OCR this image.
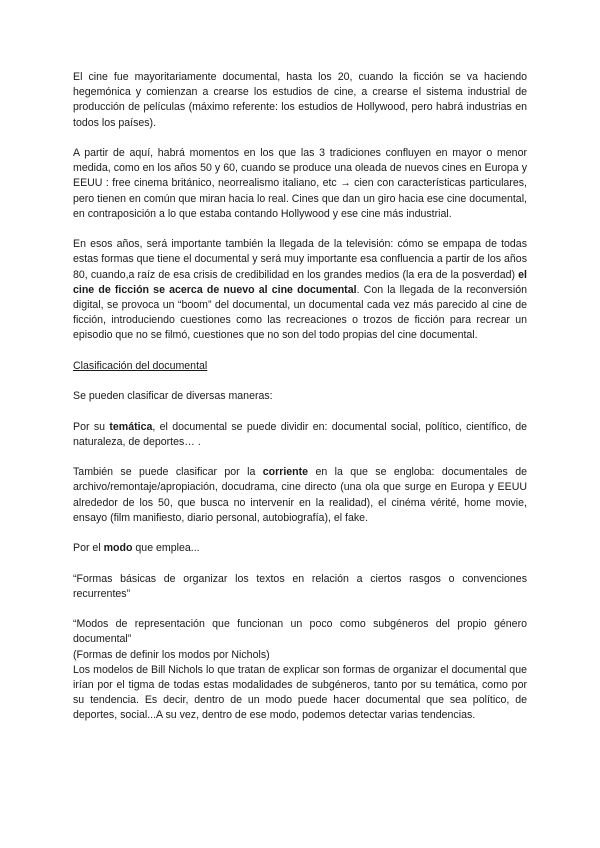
El cine fue mayoritariamente documental, hasta los 20, cuando la ficción se va haciendo hegemónica y comienzan a crearse los estudios de cine, a crearse el sistema industrial de producción de películas (máximo referente: los estudios de Hollywood, pero habrá industrias en todos los países).

A partir de aquí, habrá momentos en los que las 3 tradiciones confluyen en mayor o menor medida, como en los años 50 y 60, cuando se produce una oleada de nuevos cines en Europa y EEUU : free cinema británico, neorrealismo italiano, etc → cien con características particulares, pero tienen en común que miran hacia lo real. Cines que dan un giro hacia ese cine documental, en contraposición a lo que estaba contando Hollywood y ese cine más industrial.

En esos años, será importante también la llegada de la televisión: cómo se empapa de todas estas formas que tiene el documental y será muy importante esa confluencia a partir de los años 80, cuando,a raíz de esa crisis de credibilidad en los grandes medios (la era de la posverdad) el cine de ficción se acerca de nuevo al cine documental. Con la llegada de la reconversión digital, se provoca un “boom” del documental, un documental cada vez más parecido al cine de ficción, introduciendo cuestiones como las recreaciones o trozos de ficción para recrear un episodio que no se filmó, cuestiones que no son del todo propias del cine documental.

Clasificación del documental

Se pueden clasificar de diversas maneras:

Por su temática, el documental se puede dividir en: documental social, político, científico, de naturaleza, de deportes… .

También se puede clasificar por la corriente en la que se engloba: documentales de archivo/remontaje/apropiación, docudrama, cine directo (una ola que surge en Europa y EEUU alrededor de los 50, que busca no intervenir en la realidad), el cinéma vérité, home movie, ensayo (film manifiesto, diario personal, autobiografía), el fake.

Por el modo que emplea...

“Formas básicas de organizar los textos en relación a ciertos rasgos o convenciones recurrentes”

“Modos de representación que funcionan un poco como subgéneros del propio género documental”

(Formas de definir los modos por Nichols)

Los modelos de Bill Nichols lo que tratan de explicar son formas de organizar el documental que irían por el tigma de todas estas modalidades de subgéneros, tanto por su temática, como por su tendencia. Es decir, dentro de un modo puede hacer documental que sea político, de deportes, social...A su vez, dentro de ese modo, podemos detectar varias tendencias.
